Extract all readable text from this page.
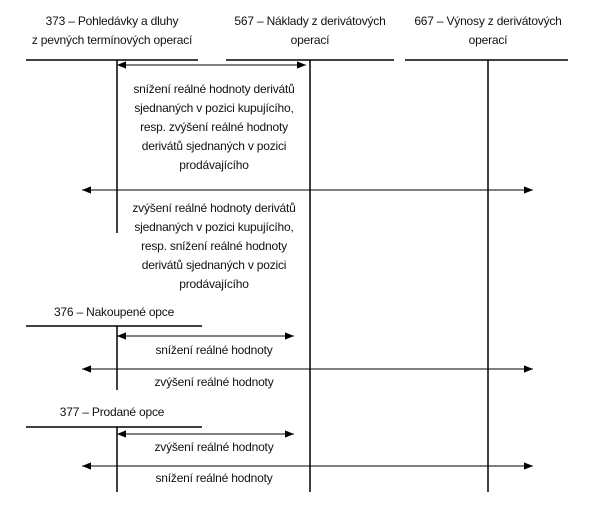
373 – Pohledávky a dluhy
z pevných termínových operací
567 – Náklady z derivátových
operací
667 – Výnosy z derivátových
operací
376 – Nakoupené opce
377 – Prodané opce
snížení reálné hodnoty derivátů
sjednaných v pozici kupujícího,
resp. zvýšení reálné hodnoty
derivátů sjednaných v pozici
prodávajícího
zvýšení reálné hodnoty derivátů
sjednaných v pozici kupujícího,
resp. snížení reálné hodnoty
derivátů sjednaných v pozici
prodávajícího
snížení reálné hodnoty
zvýšení reálné hodnoty
zvýšení reálné hodnoty
snížení reálné hodnoty
